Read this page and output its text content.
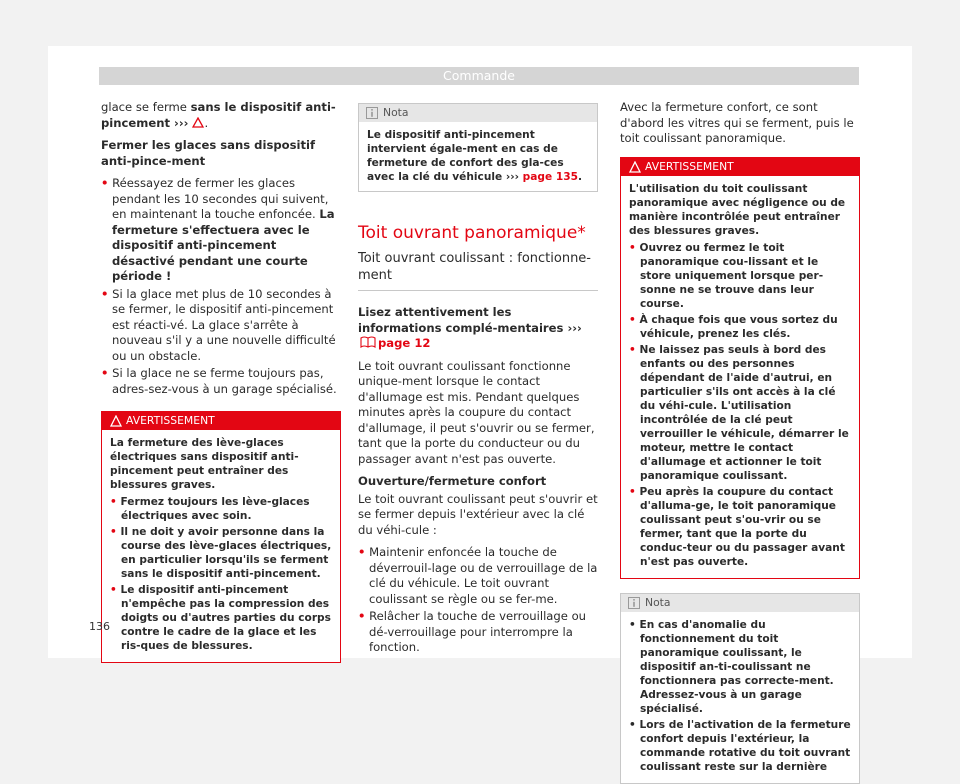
Commande

glace se ferme sans le dispositif anti-pincement ››› .

Fermer les glaces sans dispositif anti-pince-ment

• Réessayez de fermer les glaces pendant les 10 secondes qui suivent, en maintenant la touche enfoncée. La fermeture s'effectuera avec le dispositif anti-pincement désactivé pendant une courte période !
• Si la glace met plus de 10 secondes à se fermer, le dispositif anti-pincement est réacti-vé. La glace s'arrête à nouveau s'il y a une nouvelle difficulté ou un obstacle.
• Si la glace ne se ferme toujours pas, adres-sez-vous à un garage spécialisé.
AVERTISSEMENT

La fermeture des lève-glaces électriques sans dispositif anti-pincement peut entraîner des blessures graves.

• Fermez toujours les lève-glaces électriques avec soin.
• Il ne doit y avoir personne dans la course des lève-glaces électriques, en particulier lorsqu'ils se ferment sans le dispositif anti-pincement.
• Le dispositif anti-pincement n'empêche pas la compression des doigts ou d'autres parties du corps contre le cadre de la glace et les ris-ques de blessures.
Nota
Le dispositif anti-pincement intervient égale-ment en cas de fermeture de confort des gla-ces avec la clé du véhicule ››› page 135.
Toit ouvrant panoramique*
Toit ouvrant coulissant : fonctionne-ment

Lisez attentivement les informations complé-mentaires ››› page 12

Le toit ouvrant coulissant fonctionne unique-ment lorsque le contact d'allumage est mis. Pendant quelques minutes après la coupure du contact d'allumage, il peut s'ouvrir ou se fermer, tant que la porte du conducteur ou du passager avant n'est pas ouverte.

Ouverture/fermeture confort

Le toit ouvrant coulissant peut s'ouvrir et se fermer depuis l'extérieur avec la clé du véhi-cule :

• Maintenir enfoncée la touche de déverrouil-lage ou de verrouillage de la clé du véhicule. Le toit ouvrant coulissant se règle ou se fer-me.
• Relâcher la touche de verrouillage ou dé-verrouillage pour interrompre la fonction.

Avec la fermeture confort, ce sont d'abord les vitres qui se ferment, puis le toit coulissant panoramique.

AVERTISSEMENT

L'utilisation du toit coulissant panoramique avec négligence ou de manière incontrôlée peut entraîner des blessures graves.

• Ouvrez ou fermez le toit panoramique cou-lissant et le store uniquement lorsque per-sonne ne se trouve dans leur course.
• À chaque fois que vous sortez du véhicule, prenez les clés.
• Ne laissez pas seuls à bord des enfants ou des personnes dépendant de l'aide d'autrui, en particulier s'ils ont accès à la clé du véhi-cule. L'utilisation incontrôlée de la clé peut verrouiller le véhicule, démarrer le moteur, mettre le contact d'allumage et actionner le toit panoramique coulissant.
• Peu après la coupure du contact d'alluma-ge, le toit panoramique coulissant peut s'ou-vrir ou se fermer, tant que la porte du conduc-teur ou du passager avant n'est pas ouverte.
Nota
• En cas d'anomalie du fonctionnement du toit panoramique coulissant, le dispositif an-ti-coulissant ne fonctionnera pas correcte-ment. Adressez-vous à un garage spécialisé.
• Lors de l'activation de la fermeture confort depuis l'extérieur, la commande rotative du toit ouvrant coulissant reste sur la dernière
136
